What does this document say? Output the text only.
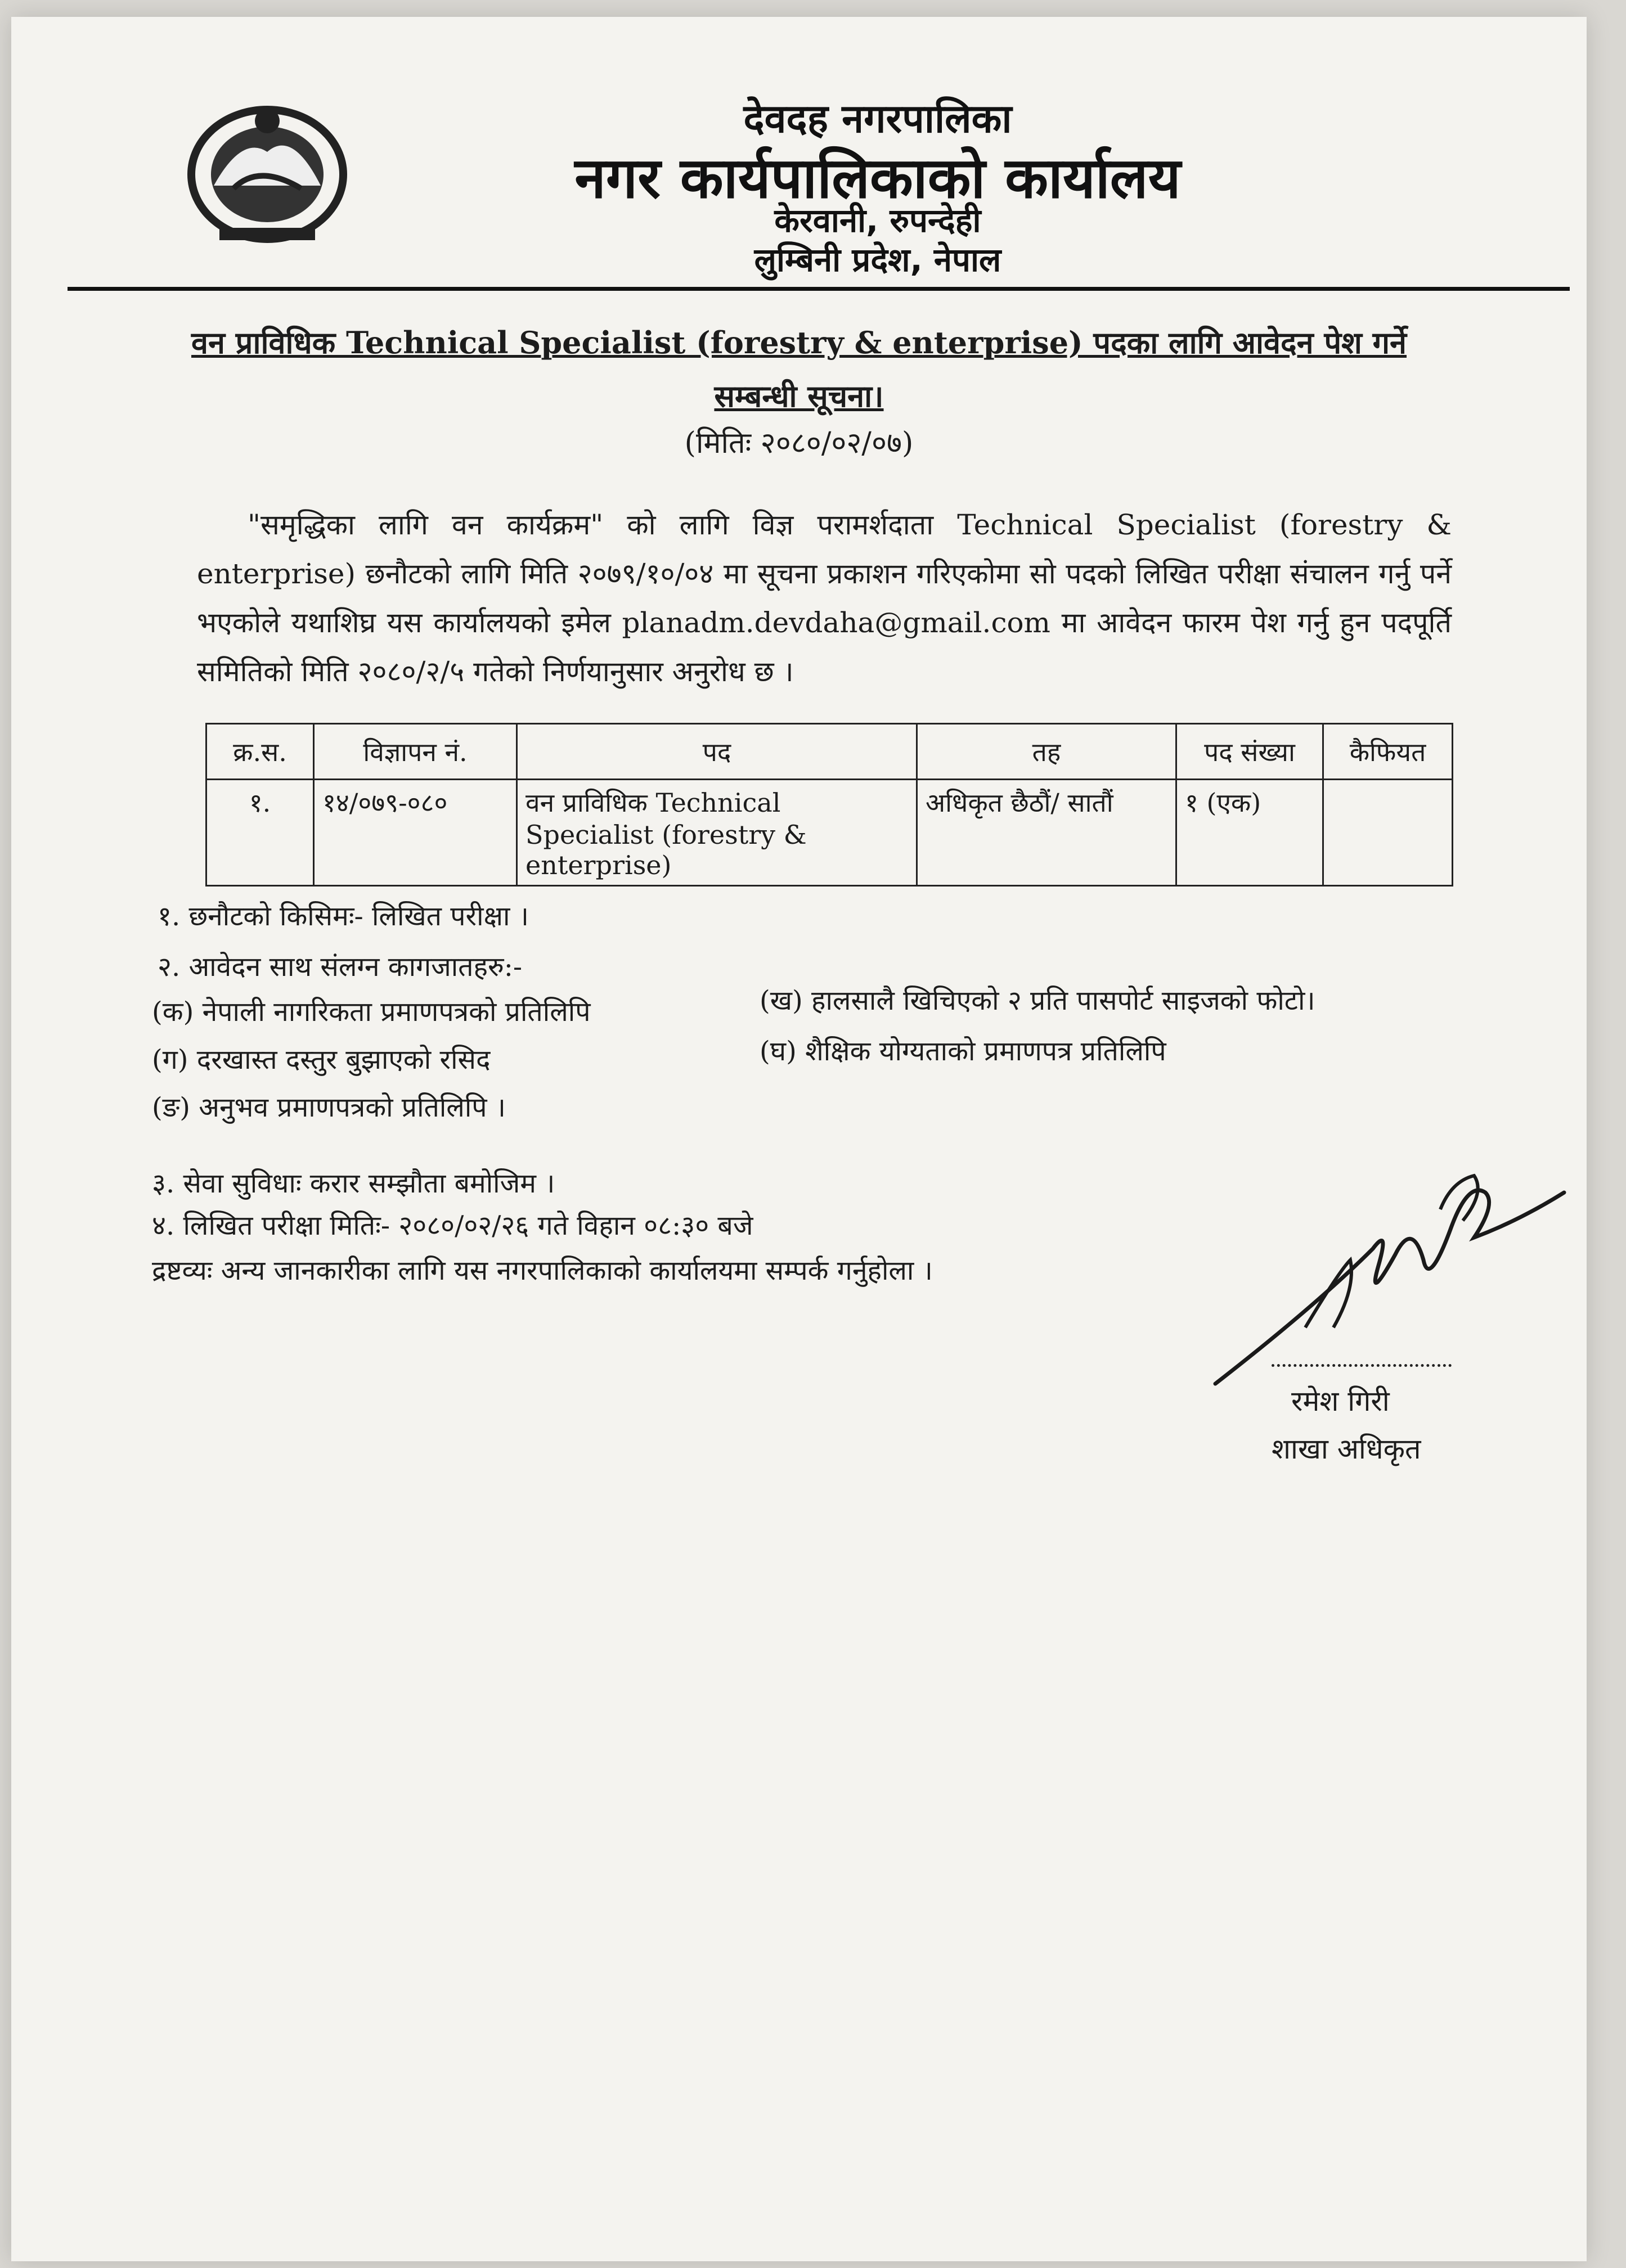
देवदह नगरपालिका
नगर कार्यपालिकाको कार्यालय
केरवानी, रुपन्देही
लुम्बिनी प्रदेश, नेपाल
वन प्राविधिक Technical Specialist (forestry & enterprise) पदका लागि आवेदन पेश गर्ने
सम्बन्धी सूचना।
(मितिः २०८०/०२/०७)
"समृद्धिका लागि वन कार्यक्रम" को लागि विज्ञ परामर्शदाता Technical Specialist (forestry & enterprise) छनौटको लागि मिति २०७९/१०/०४ मा सूचना प्रकाशन गरिएकोमा सो पदको लिखित परीक्षा संचालन गर्नु पर्ने भएकोले यथाशिघ्र यस कार्यालयको इमेल planadm.devdaha@gmail.com मा आवेदन फारम पेश गर्नु हुन पदपूर्ति समितिको मिति २०८०/२/५ गतेको निर्णयानुसार अनुरोध छ ।
क्र.स.	विज्ञापन नं.	पद	तह	पद संख्या	कैफियत
१.	१४/०७९-०८०	वन प्राविधिक Technical Specialist (forestry & enterprise)	अधिकृत छैठौं/ सातौं	१ (एक)	
१. छनौटको किसिमः- लिखित परीक्षा ।
२. आवेदन साथ संलग्न कागजातहरु:-
(क) नेपाली नागरिकता प्रमाणपत्रको प्रतिलिपि	(ख) हालसालै खिचिएको २ प्रति पासपोर्ट साइजको फोटो।
(ग) दरखास्त दस्तुर बुझाएको रसिद	(घ) शैक्षिक योग्यताको प्रमाणपत्र प्रतिलिपि
(ङ) अनुभव प्रमाणपत्रको प्रतिलिपि ।
३. सेवा सुविधाः करार सम्झौता बमोजिम ।
४. लिखित परीक्षा मितिः- २०८०/०२/२६ गते विहान ०८:३० बजे
द्रष्टव्यः अन्य जानकारीका लागि यस नगरपालिकाको कार्यालयमा सम्पर्क गर्नुहोला ।
रमेश गिरी
शाखा अधिकृत
